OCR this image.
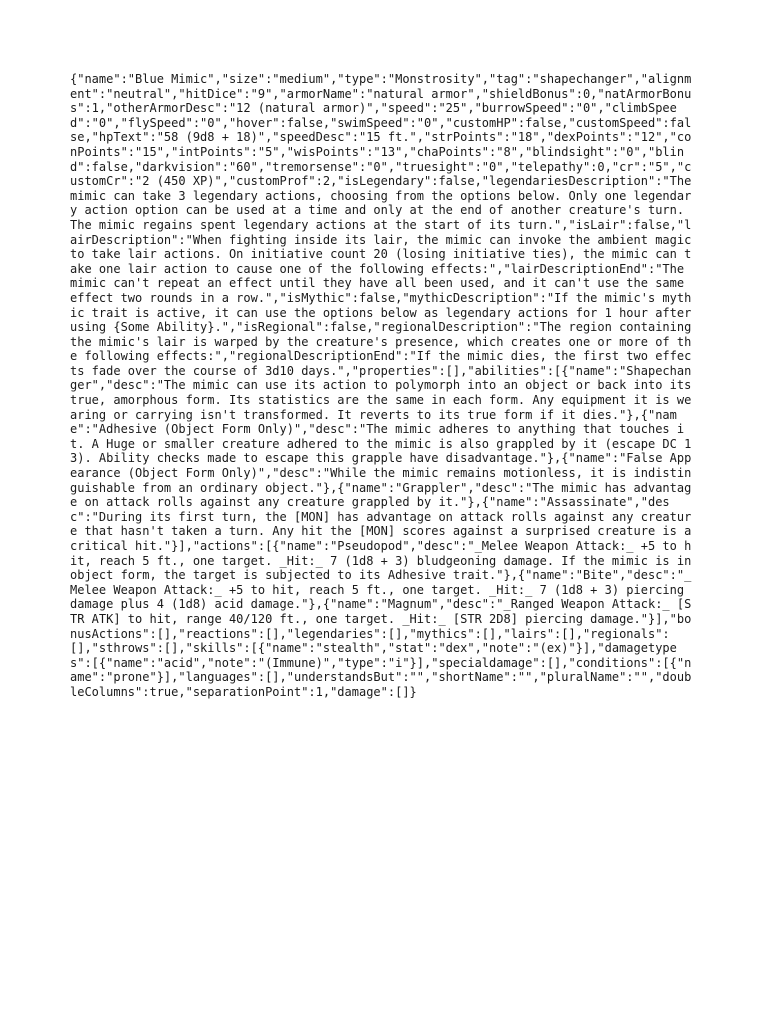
{"name":"Blue Mimic","size":"medium","type":"Monstrosity","tag":"shapechanger","alignment":"neutral","hitDice":"9","armorName":"natural armor","shieldBonus":0,"natArmorBonus":1,"otherArmorDesc":"12 (natural armor)","speed":"25","burrowSpeed":"0","climbSpeed":"0","flySpeed":"0","hover":false,"swimSpeed":"0","customHP":false,"customSpeed":false,"hpText":"58 (9d8 + 18)","speedDesc":"15 ft.","strPoints":"18","dexPoints":"12","conPoints":"15","intPoints":"5","wisPoints":"13","chaPoints":"8","blindsight":"0","blind":false,"darkvision":"60","tremorsense":"0","truesight":"0","telepathy":0,"cr":"5","customCr":"2 (450 XP)","customProf":2,"isLegendary":false,"legendariesDescription":"The mimic can take 3 legendary actions, choosing from the options below. Only one legendary action option can be used at a time and only at the end of another creature's turn. The mimic regains spent legendary actions at the start of its turn.","isLair":false,"lairDescription":"When fighting inside its lair, the mimic can invoke the ambient magic to take lair actions. On initiative count 20 (losing initiative ties), the mimic can take one lair action to cause one of the following effects:","lairDescriptionEnd":"The mimic can't repeat an effect until they have all been used, and it can't use the same effect two rounds in a row.","isMythic":false,"mythicDescription":"If the mimic's mythic trait is active, it can use the options below as legendary actions for 1 hour after using {Some Ability}.","isRegional":false,"regionalDescription":"The region containing the mimic's lair is warped by the creature's presence, which creates one or more of the following effects:","regionalDescriptionEnd":"If the mimic dies, the first two effects fade over the course of 3d10 days.","properties":[],"abilities":[{"name":"Shapechanger","desc":"The mimic can use its action to polymorph into an object or back into its true, amorphous form. Its statistics are the same in each form. Any equipment it is wearing or carrying isn't transformed. It reverts to its true form if it dies."},{"name":"Adhesive (Object Form Only)","desc":"The mimic adheres to anything that touches it. A Huge or smaller creature adhered to the mimic is also grappled by it (escape DC 13). Ability checks made to escape this grapple have disadvantage."},{"name":"False Appearance (Object Form Only)","desc":"While the mimic remains motionless, it is indistinguishable from an ordinary object."},{"name":"Grappler","desc":"The mimic has advantage on attack rolls against any creature grappled by it."},{"name":"Assassinate","desc":"During its first turn, the [MON] has advantage on attack rolls against any creature that hasn't taken a turn. Any hit the [MON] scores against a surprised creature is a critical hit."}],"actions":[{"name":"Pseudopod","desc":"_Melee Weapon Attack:_ +5 to hit, reach 5 ft., one target. _Hit:_ 7 (1d8 + 3) bludgeoning damage. If the mimic is in object form, the target is subjected to its Adhesive trait."},{"name":"Bite","desc":"_Melee Weapon Attack:_ +5 to hit, reach 5 ft., one target. _Hit:_ 7 (1d8 + 3) piercing damage plus 4 (1d8) acid damage."},{"name":"Magnum","desc":"_Ranged Weapon Attack:_ [STR ATK] to hit, range 40/120 ft., one target. _Hit:_ [STR 2D8] piercing damage."}],"bonusActions":[],"reactions":[],"legendaries":[],"mythics":[],"lairs":[],"regionals":[],"sthrows":[],"skills":[{"name":"stealth","stat":"dex","note":"(ex)"}],"damagetypes":[{"name":"acid","note":"(Immune)","type":"i"}],"specialdamage":[],"conditions":[{"name":"prone"}],"languages":[],"understandsBut":"","shortName":"","pluralName":"","doubleColumns":true,"separationPoint":1,"damage":[]}
